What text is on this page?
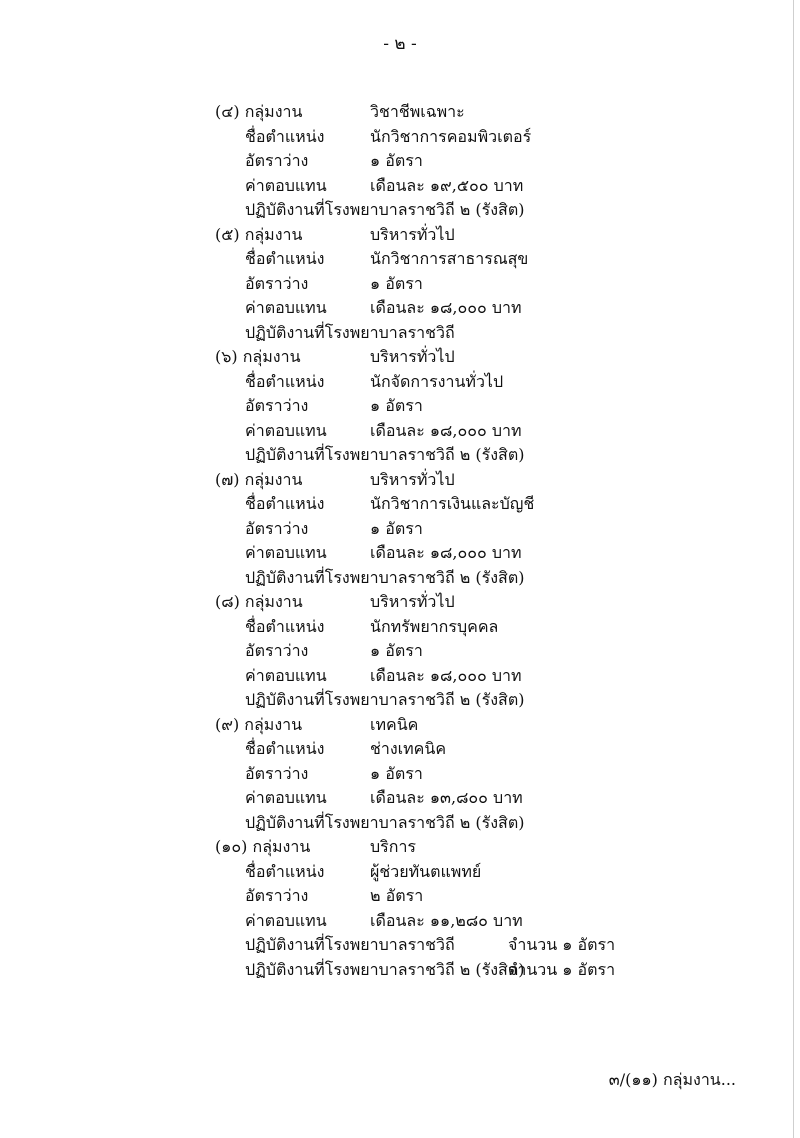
- ๒ -
(๔) กลุ่มงาน	วิชาชีพเฉพาะ
ชื่อตำแหน่ง	นักวิชาการคอมพิวเตอร์
อัตราว่าง	๑ อัตรา
ค่าตอบแทน	เดือนละ ๑๙,๕๐๐ บาท
ปฏิบัติงานที่โรงพยาบาลราชวิถี ๒ (รังสิต)
(๕) กลุ่มงาน	บริหารทั่วไป
ชื่อตำแหน่ง	นักวิชาการสาธารณสุข
อัตราว่าง	๑ อัตรา
ค่าตอบแทน	เดือนละ ๑๘,๐๐๐ บาท
ปฏิบัติงานที่โรงพยาบาลราชวิถี
(๖) กลุ่มงาน	บริหารทั่วไป
ชื่อตำแหน่ง	นักจัดการงานทั่วไป
อัตราว่าง	๑ อัตรา
ค่าตอบแทน	เดือนละ ๑๘,๐๐๐ บาท
ปฏิบัติงานที่โรงพยาบาลราชวิถี ๒ (รังสิต)
(๗) กลุ่มงาน	บริหารทั่วไป
ชื่อตำแหน่ง	นักวิชาการเงินและบัญชี
อัตราว่าง	๑ อัตรา
ค่าตอบแทน	เดือนละ ๑๘,๐๐๐ บาท
ปฏิบัติงานที่โรงพยาบาลราชวิถี ๒ (รังสิต)
(๘) กลุ่มงาน	บริหารทั่วไป
ชื่อตำแหน่ง	นักทรัพยากรบุคคล
อัตราว่าง	๑ อัตรา
ค่าตอบแทน	เดือนละ ๑๘,๐๐๐ บาท
ปฏิบัติงานที่โรงพยาบาลราชวิถี ๒ (รังสิต)
(๙) กลุ่มงาน	เทคนิค
ชื่อตำแหน่ง	ช่างเทคนิค
อัตราว่าง	๑ อัตรา
ค่าตอบแทน	เดือนละ ๑๓,๘๐๐ บาท
ปฏิบัติงานที่โรงพยาบาลราชวิถี ๒ (รังสิต)
(๑๐) กลุ่มงาน	บริการ
ชื่อตำแหน่ง	ผู้ช่วยทันตแพทย์
อัตราว่าง	๒ อัตรา
ค่าตอบแทน	เดือนละ ๑๑,๒๘๐ บาท
ปฏิบัติงานที่โรงพยาบาลราชวิถี	จำนวน ๑ อัตรา
ปฏิบัติงานที่โรงพยาบาลราชวิถี ๒ (รังสิต)
จำนวน ๑ อัตรา
๓/(๑๑) กลุ่มงาน...
